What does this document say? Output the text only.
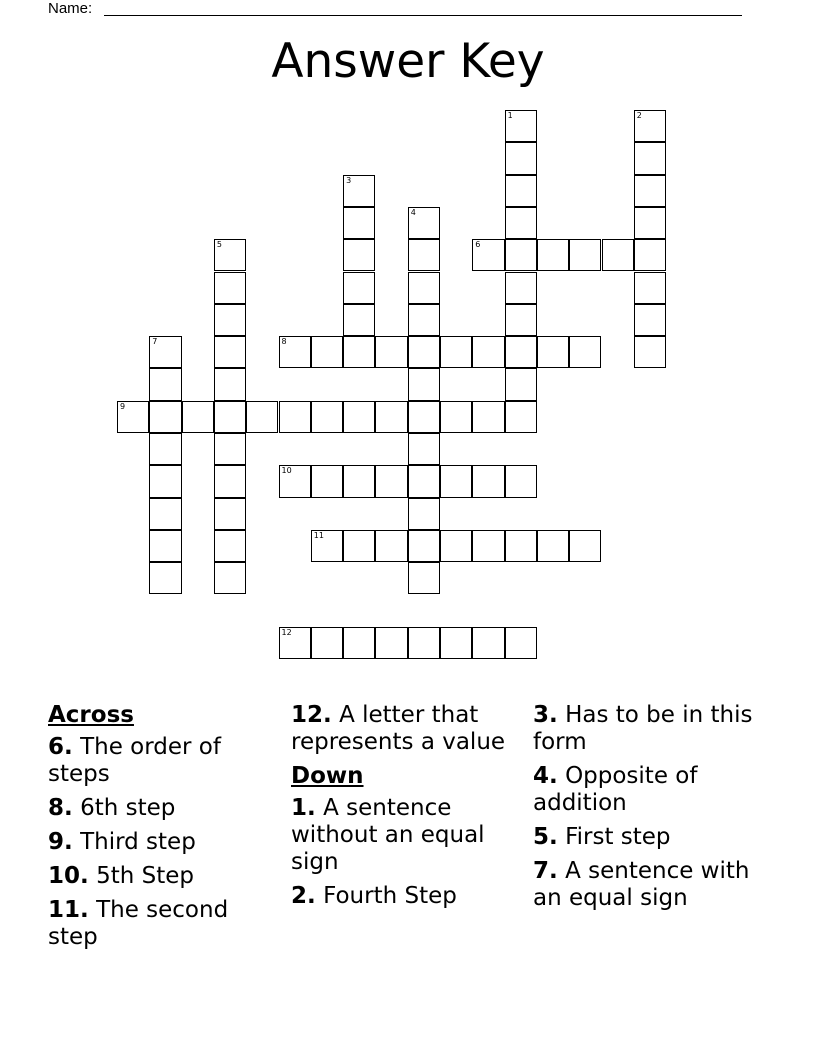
Name:
Answer Key
1	2
3
4
5	6
7	8
9
10
11
12
Across
6. The order of steps
8. 6th step
9. Third step
10. 5th Step
11. The second step
12. A letter that represents a value
Down
1. A sentence without an equal sign
2. Fourth Step
3. Has to be in this form
4. Opposite of addition
5. First step
7. A sentence with an equal sign
